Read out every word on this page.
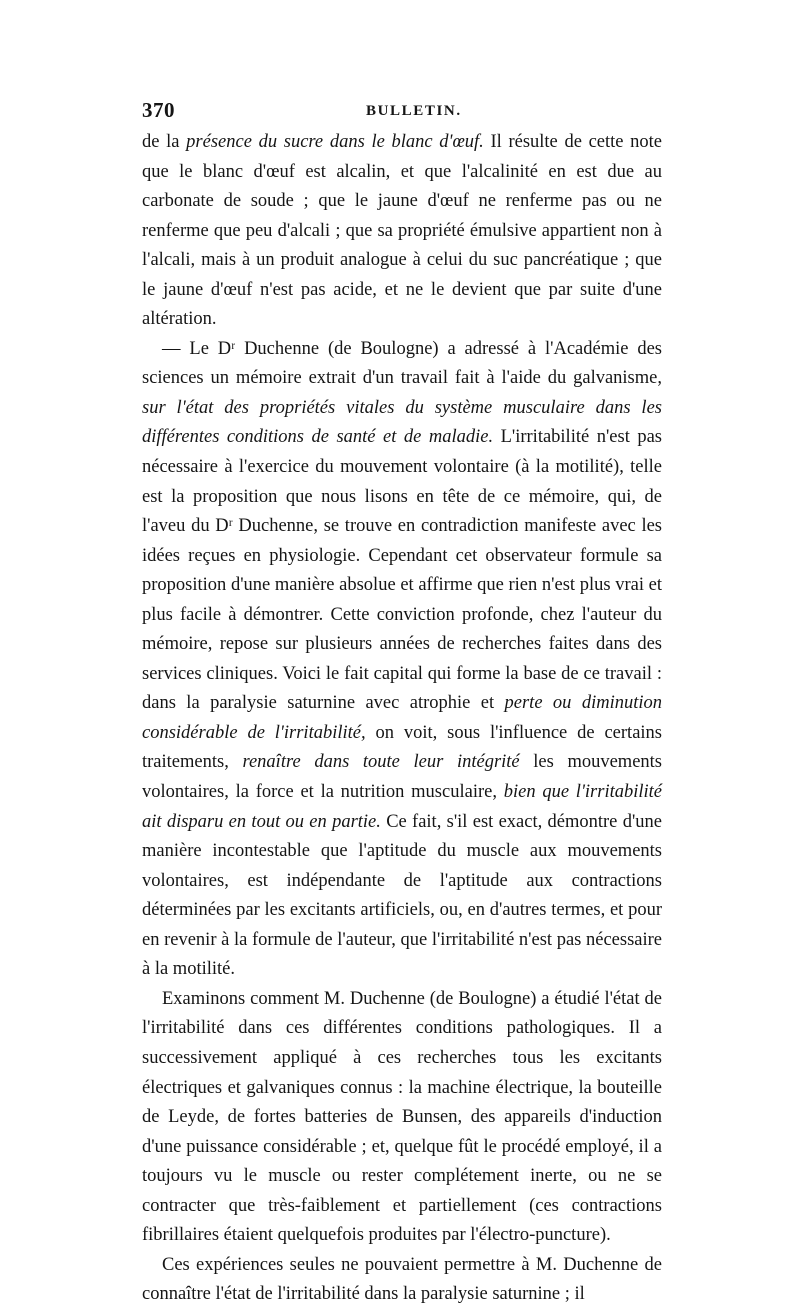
370	BULLETIN.

de la présence du sucre dans le blanc d'œuf. Il résulte de cette note que le blanc d'œuf est alcalin, et que l'alcalinité en est due au carbonate de soude ; que le jaune d'œuf ne renferme pas ou ne renferme que peu d'alcali ; que sa propriété émulsive appartient non à l'alcali, mais à un produit analogue à celui du suc pancréatique ; que le jaune d'œuf n'est pas acide, et ne le devient que par suite d'une altération.

— Le Dʳ Duchenne (de Boulogne) a adressé à l'Académie des sciences un mémoire extrait d'un travail fait à l'aide du galvanisme, sur l'état des propriétés vitales du système musculaire dans les différentes conditions de santé et de maladie. L'irritabilité n'est pas nécessaire à l'exercice du mouvement volontaire (à la motilité), telle est la proposition que nous lisons en tête de ce mémoire, qui, de l'aveu du Dʳ Duchenne, se trouve en contradiction manifeste avec les idées reçues en physiologie. Cependant cet observateur formule sa proposition d'une manière absolue et affirme que rien n'est plus vrai et plus facile à démontrer. Cette conviction profonde, chez l'auteur du mémoire, repose sur plusieurs années de recherches faites dans des services cliniques. Voici le fait capital qui forme la base de ce travail : dans la paralysie saturnine avec atrophie et perte ou diminution considérable de l'irritabilité, on voit, sous l'influence de certains traitements, renaître dans toute leur intégrité les mouvements volontaires, la force et la nutrition musculaire, bien que l'irritabilité ait disparu en tout ou en partie. Ce fait, s'il est exact, démontre d'une manière incontestable que l'aptitude du muscle aux mouvements volontaires, est indépendante de l'aptitude aux contractions déterminées par les excitants artificiels, ou, en d'autres termes, et pour en revenir à la formule de l'auteur, que l'irritabilité n'est pas nécessaire à la motilité.

Examinons comment M. Duchenne (de Boulogne) a étudié l'état de l'irritabilité dans ces différentes conditions pathologiques. Il a successivement appliqué à ces recherches tous les excitants électriques et galvaniques connus : la machine électrique, la bouteille de Leyde, de fortes batteries de Bunsen, des appareils d'induction d'une puissance considérable ; et, quelque fût le procédé employé, il a toujours vu le muscle ou rester complétement inerte, ou ne se contracter que très-faiblement et partiellement (ces contractions fibrillaires étaient quelquefois produites par l'électro-puncture).

Ces expériences seules ne pouvaient permettre à M. Duchenne de connaître l'état de l'irritabilité dans la paralysie saturnine ; il
